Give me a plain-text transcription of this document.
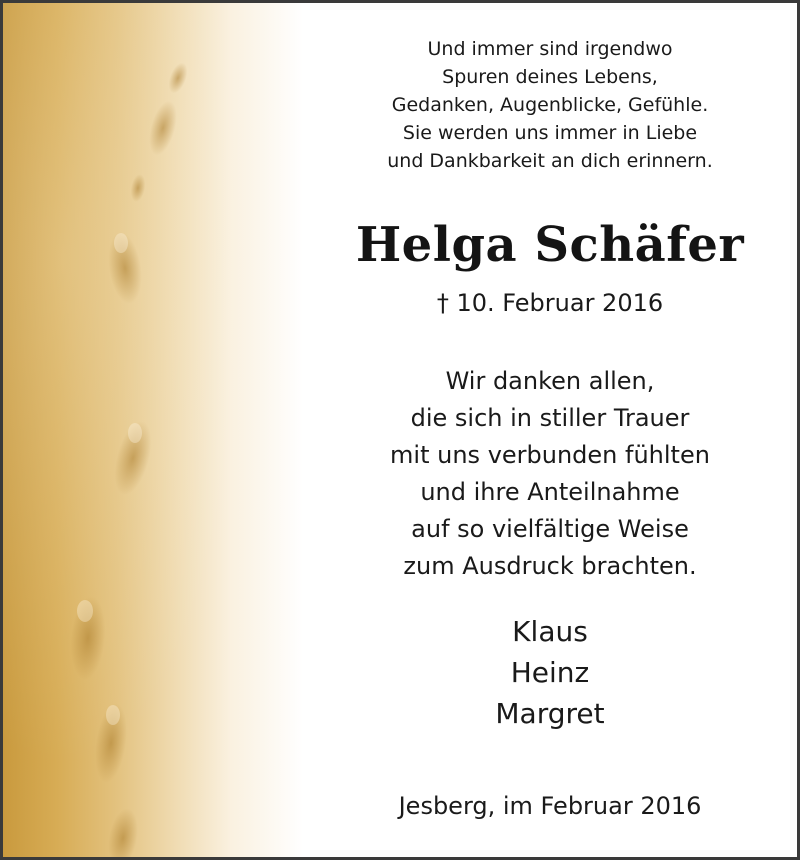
Und immer sind irgendwo
Spuren deines Lebens,
Gedanken, Augenblicke, Gefühle.
Sie werden uns immer in Liebe
und Dankbarkeit an dich erinnern.
Helga Schäfer
† 10. Februar 2016
Wir danken allen,
die sich in stiller Trauer
mit uns verbunden fühlten
und ihre Anteilnahme
auf so vielfältige Weise
zum Ausdruck brachten.
Klaus
Heinz
Margret
Jesberg, im Februar 2016
